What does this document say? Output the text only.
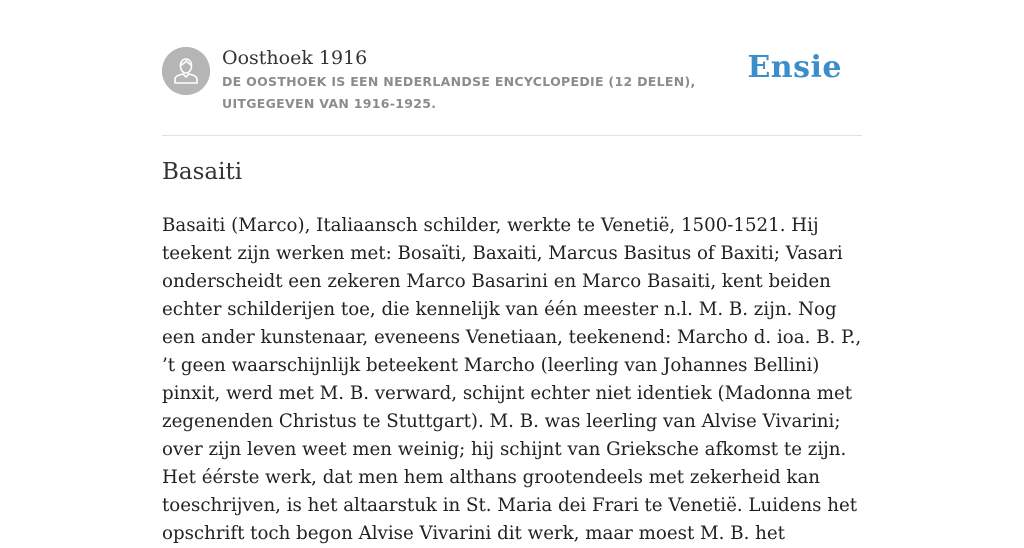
Oosthoek 1916

DE OOSTHOEK IS EEN NEDERLANDSE ENCYCLOPEDIE (12 DELEN), UITGEGEVEN VAN 1916-1925.

Ensie
Basaiti

Basaiti (Marco), Italiaansch schilder, werkte te Venetië, 1500-1521. Hij teekent zijn werken met: Bosaïti, Baxaiti, Marcus Basitus of Baxiti; Vasari onderscheidt een zekeren Marco Basarini en Marco Basaiti, kent beiden echter schilderijen toe, die kennelijk van één meester n.l. M. B. zijn. Nog een ander kunstenaar, eveneens Venetiaan, teekenend: Marcho d. ioa. B. P., ’t geen waarschijnlijk beteekent Marcho (leerling van Johannes Bellini) pinxit, werd met M. B. verward, schijnt echter niet identiek (Madonna met zegenenden Christus te Stuttgart). M. B. was leerling van Alvise Vivarini; over zijn leven weet men weinig; hij schijnt van Grieksche afkomst te zijn. Het éérste werk, dat men hem althans grootendeels met zekerheid kan toeschrijven, is het altaarstuk in St. Maria dei Frari te Venetië. Luidens het opschrift toch begon Alvise Vivarini dit werk, maar moest M. B. het
